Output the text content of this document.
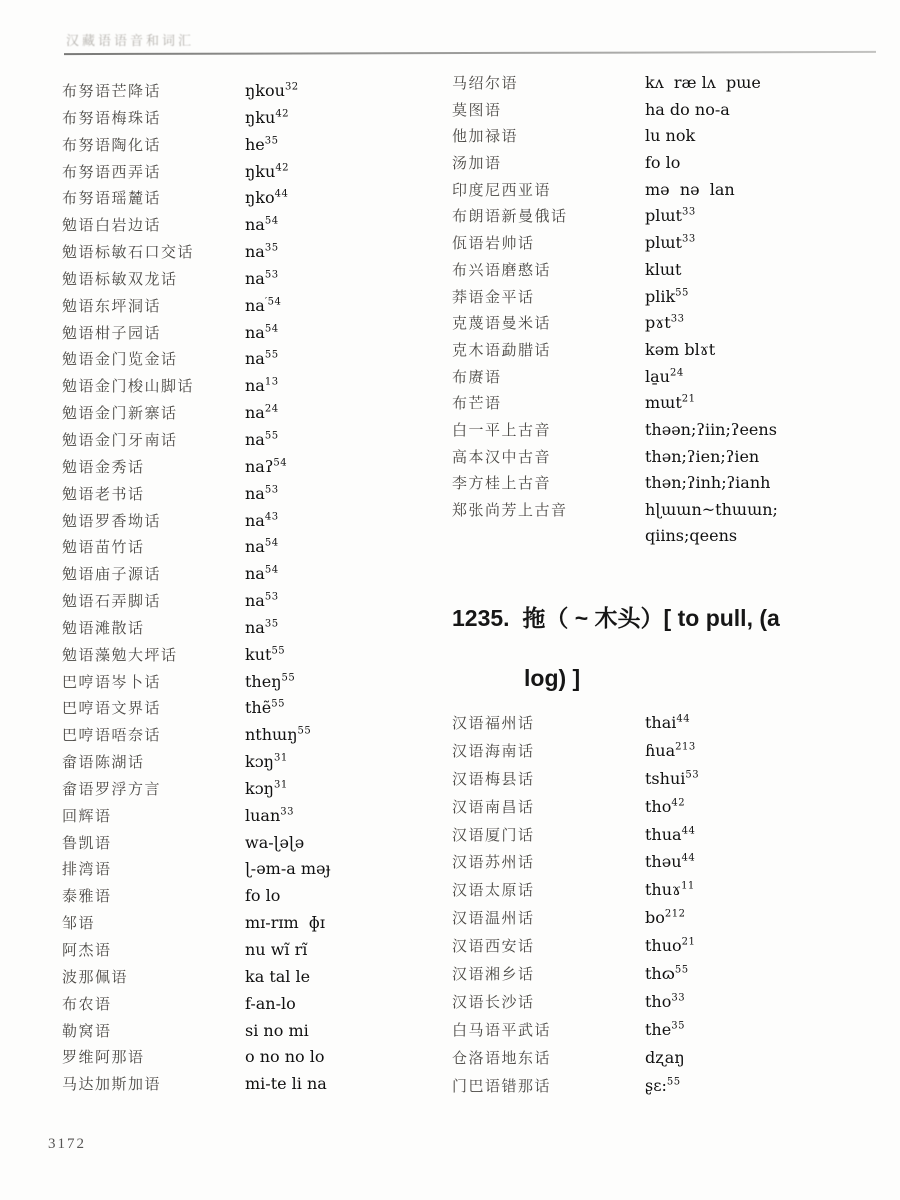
汉藏语语音和词汇
布努语芒降话	ŋkou$^{32}$
布努语梅珠话	ŋku$^{42}$
布努语陶化话	$he^{35}$
布努语西弄话	ŋku$^{42}$
布努语瑶麓话	ŋko$^{44}$
勉语白岩边话	$na^{54}$
勉语标敏石口交话	$na^{35}$
勉语标敏双龙话	$na^{53}$
勉语东坪洞话	$na^{'54}$
勉语柑子园话	$na^{54}$
勉语金门览金话	$na^{55}$
勉语金门梭山脚话	$na^{13}$
勉语金门新寨话	$na^{24}$
勉语金门牙南话	$na^{55}$
勉语金秀话	naʔ$^{54}$
勉语老书话	$na^{53}$
勉语罗香坳话	$na^{43}$
勉语苗竹话	$na^{54}$
勉语庙子源话	$na^{54}$
勉语石弄脚话	$na^{53}$
勉语滩散话	$na^{35}$
勉语藻勉大坪话	kut$^{55}$
巴哼语岑卜话	theŋ$^{55}$
巴哼语文界话	thẽ$^{55}$
巴哼语唔奈话	nthɯŋ$^{55}$
畲语陈湖话	kɔŋ$^{31}$
畲语罗浮方言	kɔŋ$^{31}$
回辉语	luan$^{33}$
鲁凯语	wa-ɭəɭə
排湾语	ɭ-əm-a məɟ
泰雅语	fo lo
邹语	mɪ-rɪm  ɸɪ
阿杰语	nu wĩ rĩ
波那佩语	ka tal le
布农语	f-an-lo
勒窝语	si no mi
罗维阿那语	o no no lo
马达加斯加语	mi-te li na
马绍尔语	kʌ  ræ lʌ  pɯe
莫图语	ha do no-a
他加禄语	lu nok
汤加语	fo lo
印度尼西亚语	mə  nə  lan
布朗语新曼俄话	plɯt$^{33}$
佤语岩帅话	plɯt$^{33}$
布兴语磨憨话	klɯt
莽语金平话	plik$^{55}$
克蔑语曼米话	pɤt$^{33}$
克木语勐腊话	kəm blɤt
布赓语	$la̱u^{24}$
布芒语	mɯt$^{21}$
白一平上古音	thəən;ʔiin;ʔeens
高本汉中古音	thən;ʔien;ʔien
李方桂上古音	thən;ʔinh;ʔianh
郑张尚芳上古音	hɭɯɯn~thɯɯn;
qiins;qeens
1235.  拖（ ~ 木头）[ to pull, (a
log) ]
汉语福州话	thai$^{44}$
汉语海南话	ɦua$^{213}$
汉语梅县话	tshui$^{53}$
汉语南昌话	tho$^{42}$
汉语厦门话	thua$^{44}$
汉语苏州话	thəu$^{44}$
汉语太原话	thuɤ$^{11}$
汉语温州话	$bo^{212}$
汉语西安话	thuo$^{21}$
汉语湘乡话	thɷ$^{55}$
汉语长沙话	tho$^{33}$
白马语平武话	the$^{35}$
仓洛语地东话	dʐaŋ
门巴语错那话	ʂɛ:$^{55}$
3172
